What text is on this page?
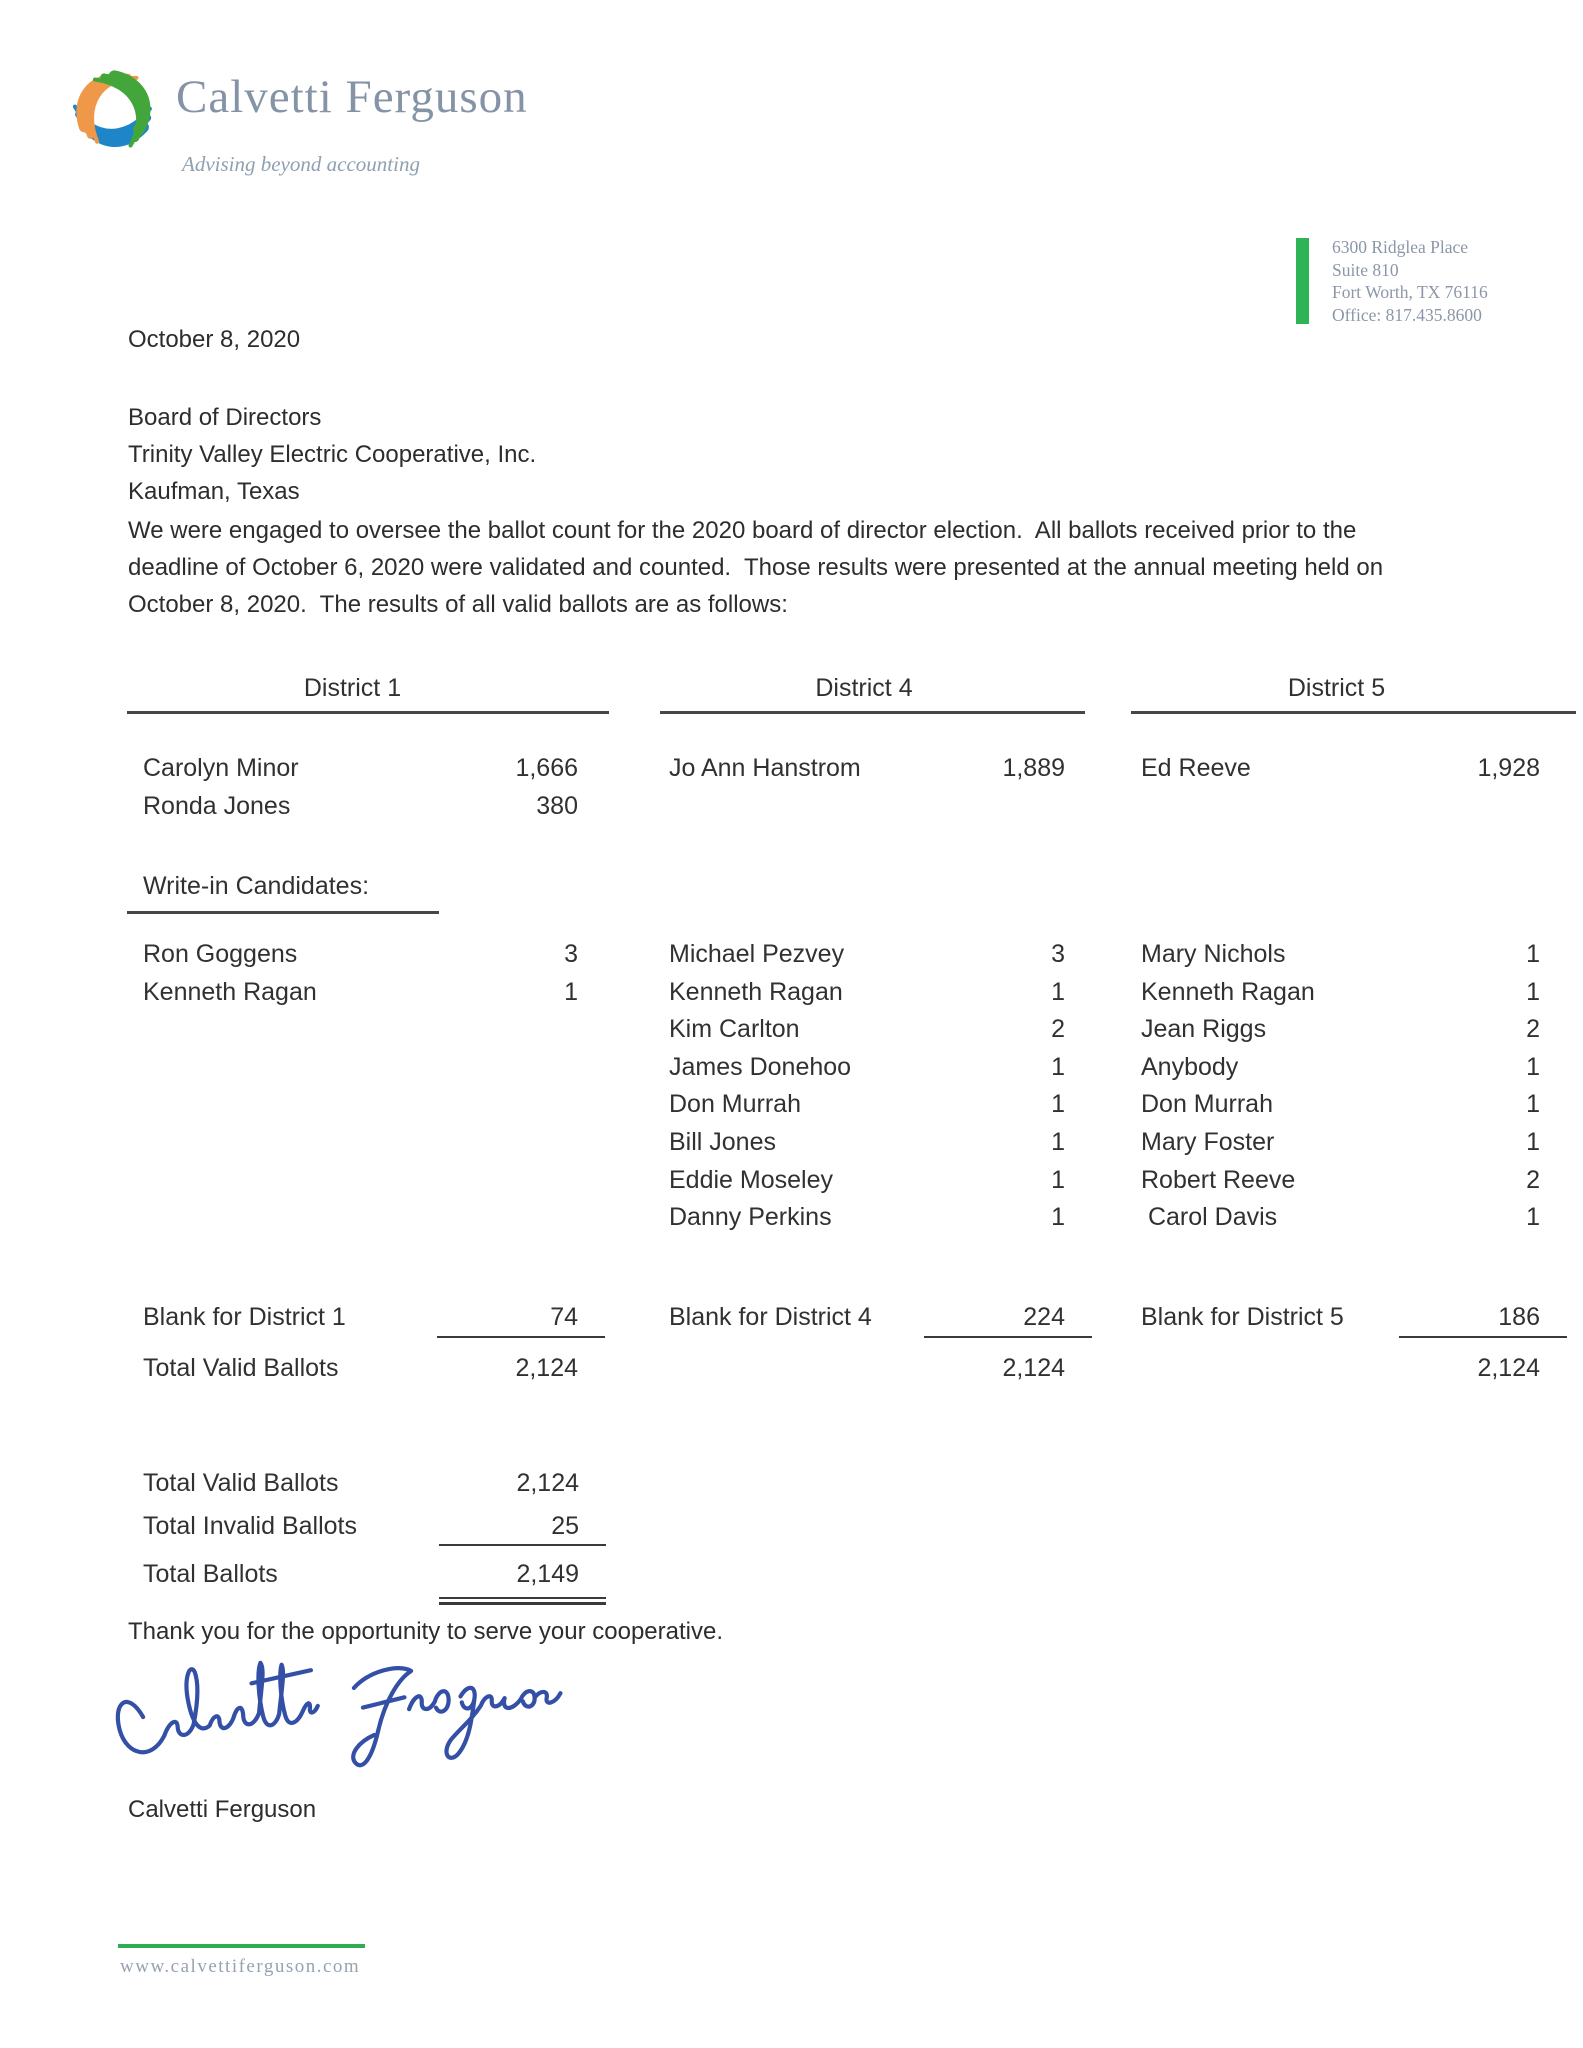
Calvetti Ferguson
Advising beyond accounting
6300 Ridglea Place
Suite 810
Fort Worth, TX 76116
Office: 817.435.8600
October 8, 2020
Board of Directors
Trinity Valley Electric Cooperative, Inc.
Kaufman, Texas
We were engaged to oversee the ballot count for the 2020 board of director election.  All ballots received prior to the
deadline of October 6, 2020 were validated and counted.  Those results were presented at the annual meeting held on
October 8, 2020.  The results of all valid ballots are as follows:
District 1
Blank for District 1	74
Total Valid Ballots	2,124
Carolyn Minor	1,666
Ronda Jones	380
Ron Goggens	3
Kenneth Ragan	1
District 4
Blank for District 4	224
2,124
Jo Ann Hanstrom	1,889
Michael Pezvey	3
Kenneth Ragan	1
Kim Carlton	2
James Donehoo	1
Don Murrah	1
Bill Jones	1
Eddie Moseley	1
Danny Perkins	1
District 5
Blank for District 5	186
2,124
Ed Reeve	1,928
Mary Nichols	1
Kenneth Ragan	1
Jean Riggs	2
Anybody	1
Don Murrah	1
Mary Foster	1
Robert Reeve	2
Carol Davis	1
Write-in Candidates:
Total Valid Ballots	2,124
Total Invalid Ballots	25
Total Ballots	2,149
Thank you for the opportunity to serve your cooperative.
Calvetti Ferguson
www.calvettiferguson.com
